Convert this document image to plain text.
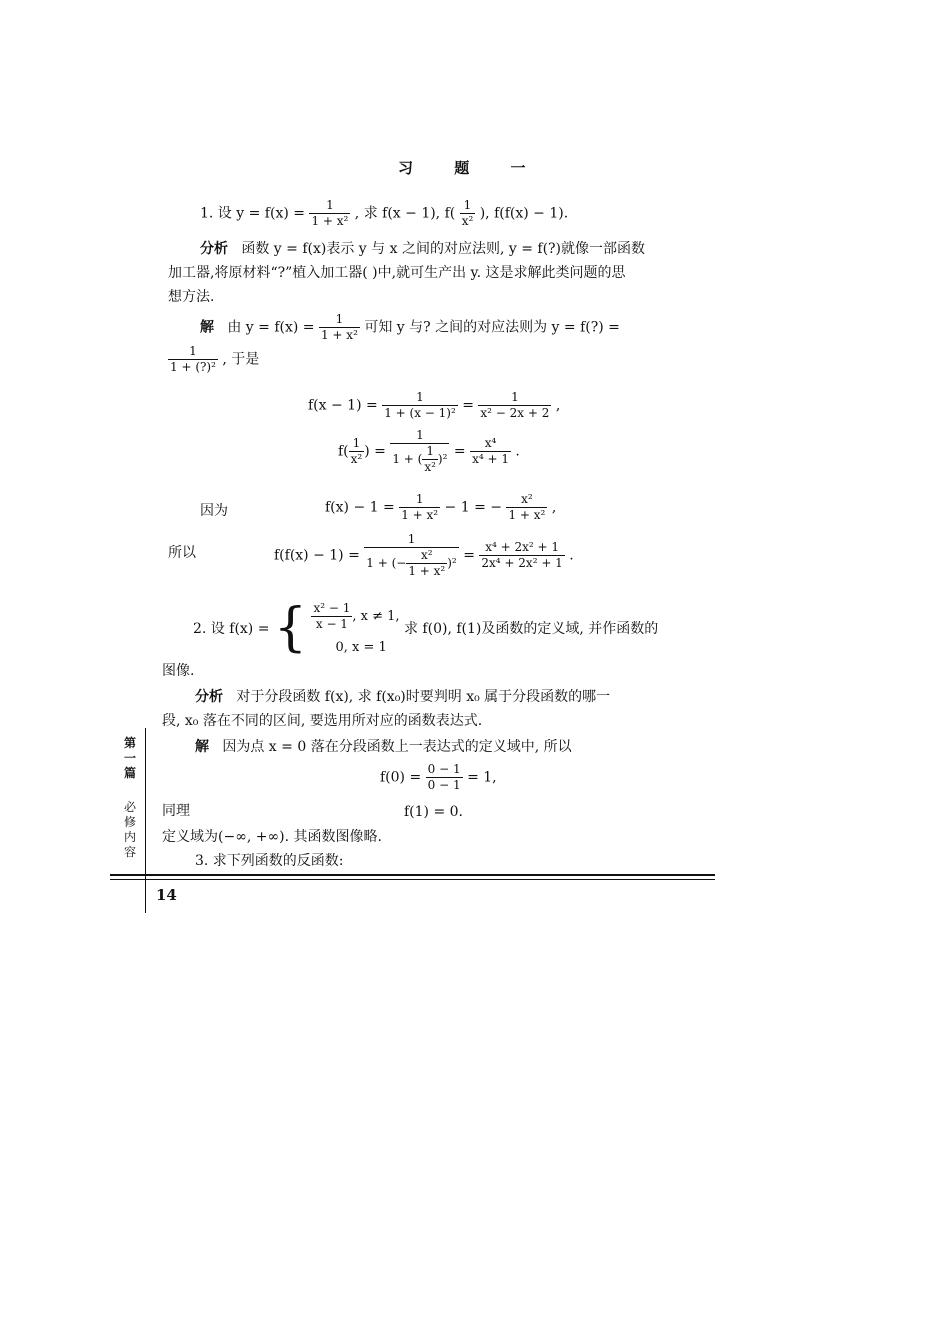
习 题 一
1. 设 $y = f(x) = \frac{1}{\text{1 + x²}}$ , 求 f(x − 1), $f( \frac{1}{\text{x²}}$ ), f(f(x) − 1).
分析 函数 y = f(x)表示 y 与 x 之间的对应法则, y = f(?)就像一部函数
加工器,将原材料“?”植入加工器( )中,就可生产出 y. 这是求解此类问题的思
想方法.
解 由 $y = f(x) = \frac{1}{\text{1 + x²}}$ 可知 y 与? 之间的对应法则为 y = f(?) =
$\frac{1}{\text{1 + (?)²}}$ , 于是
$f(x - 1) = \frac{1}{\text{1 + (x − 1)²}} = \frac{1}{\text{x² − 2x + 2}}$ ,
$f( \frac{1}{\text{x²}}$ ) = $\frac{1}{1 + ( \frac{1}{\text{x²}} )^2} = \frac{\text{x⁴}}{\text{x⁴ + 1}}$ .
因为	$f(x) - 1 = \frac{1}{\text{1 + x²}} - 1$ = − $\frac{\text{x²}}{\text{1 + x²}}$ ,
所以	$f(f(x) - 1) = \frac{1}{1 + (- \frac{\text{x²}}{\text{1 + x²}} )^2} = \frac{\text{x⁴ + 2x² + 1}}{\text{2x⁴ + 2x² + 1}}$ .
2. 设 f(x) = { $\frac{\text{x² − 1}}{x - 1}$ , x ≠ 1,
0, x = 1
求 f(0), f(1)及函数的定义域, 并作函数的
图像.
分析 对于分段函数 f(x), 求 f(x₀)时要判明 x₀ 属于分段函数的哪一
段, x₀ 落在不同的区间, 要选用所对应的函数表达式.
解 因为点 x = 0 落在分段函数上一表达式的定义域中, 所以
$f(0) = \frac{0 - 1}{0 - 1} = 1$,
同理	f(1) = 0.
定义域为(−∞, +∞). 其函数图像略.
3. 求下列函数的反函数:
第一篇
必修内容
14
